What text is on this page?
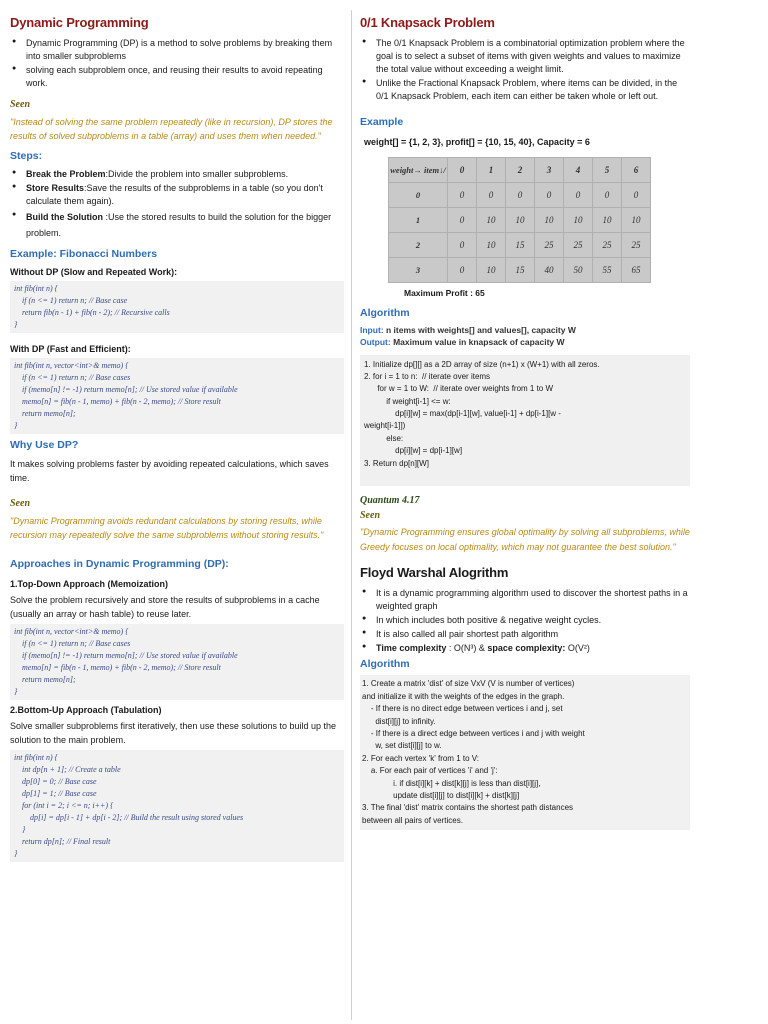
Dynamic Programming
● Dynamic Programming (DP) is a method to solve problems by breaking them into smaller subproblems
● solving each subproblem once, and reusing their results to avoid repeating work.
Seen
"Instead of solving the same problem repeatedly (like in recursion), DP stores the results of solved subproblems in a table (array) and uses them when needed."
Steps:
● Break the Problem:Divide the problem into smaller subproblems.
● Store Results:Save the results of the subproblems in a table (so you don't calculate them again).
● Build the Solution :Use the stored results to build the solution for the bigger problem.
Example: Fibonacci Numbers
Without DP (Slow and Repeated Work):
int fib(int n) {
if (n <= 1) return n; // Base case
return fib(n - 1) + fib(n - 2); // Recursive calls
}
With DP (Fast and Efficient):
int fib(int n, vector<int>& memo) {
if (n <= 1) return n; // Base cases
if (memo[n] != -1) return memo[n]; // Use stored value if available
memo[n] = fib(n - 1, memo) + fib(n - 2, memo); // Store result
return memo[n];
}
Why Use DP?
It makes solving problems faster by avoiding repeated calculations, which saves time.
Seen
"Dynamic Programming avoids redundant calculations by storing results, while recursion may repeatedly solve the same subproblems without storing results."
Approaches in Dynamic Programming (DP):
1.Top-Down Approach (Memoization)
Solve the problem recursively and store the results of subproblems in a cache (usually an array or hash table) to reuse later.
int fib(int n, vector<int>& memo) {
if (n <= 1) return n; // Base cases
if (memo[n] != -1) return memo[n]; // Use stored value if available
memo[n] = fib(n - 1, memo) + fib(n - 2, memo); // Store result
return memo[n];
}
2.Bottom-Up Approach (Tabulation)
Solve smaller subproblems first iteratively, then use these solutions to build up the solution to the main problem.
int fib(int n) {
int dp[n + 1]; // Create a table
dp[0] = 0; // Base case
dp[1] = 1; // Base case
for (int i = 2; i <= n; i++) {
dp[i] = dp[i - 1] + dp[i - 2]; // Build the result using stored values
}
return dp[n]; // Final result
}
0/1 Knapsack Problem
● The 0/1 Knapsack Problem is a combinatorial optimization problem where the goal is to select a subset of items with given weights and values to maximize the total value without exceeding a weight limit.
● Unlike the Fractional Knapsack Problem, where items can be divided, in the 0/1 Knapsack Problem, each item can either be taken whole or left out.
Example
weight[] = {1, 2, 3}, profit[] = {10, 15, 40}, Capacity = 6
weight→ item↓/	0	1	2	3	4	5	6
0	0	0	0	0	0	0	0
1	0	10	10	10	10	10	10
2	0	10	15	25	25	25	25
3	0	10	15	40	50	55	65
Maximum Profit : 65
Algorithm
Input: n items with weights[] and values[], capacity W
Output: Maximum value in knapsack of capacity W
1. Initialize dp[][] as a 2D array of size (n+1) x (W+1) with all zeros.
2. for i = 1 to n:  // iterate over items
for w = 1 to W:  // iterate over weights from 1 to W
if weight[i-1] <= w:
dp[i][w] = max(dp[i-1][w], value[i-1] + dp[i-1][w -
weight[i-1]])
else:
dp[i][w] = dp[i-1][w]
3. Return dp[n][W]

Quantum 4.17
Seen
"Dynamic Programming ensures global optimality by solving all subproblems, while Greedy focuses on local optimality, which may not guarantee the best solution."
Floyd Warshal Alogrithm
● It is a dynamic programming algorithm used to discover the shortest paths in a weighted graph
● In which includes both positive & negative weight cycles.
● It is also called all pair shortest path algorithm
● Time complexity : O(N³) & space complexity: O(V²)
Algorithm
1. Create a matrix 'dist' of size VxV (V is number of vertices)
and initialize it with the weights of the edges in the graph.
- If there is no direct edge between vertices i and j, set
dist[i][j] to infinity.
- If there is a direct edge between vertices i and j with weight
w, set dist[i][j] to w.
2. For each vertex 'k' from 1 to V:
a. For each pair of vertices 'i' and 'j':
i. if dist[i][k] + dist[k][j] is less than dist[i][j],
update dist[i][j] to dist[i][k] + dist[k][j]
3. The final 'dist' matrix contains the shortest path distances
between all pairs of vertices.
